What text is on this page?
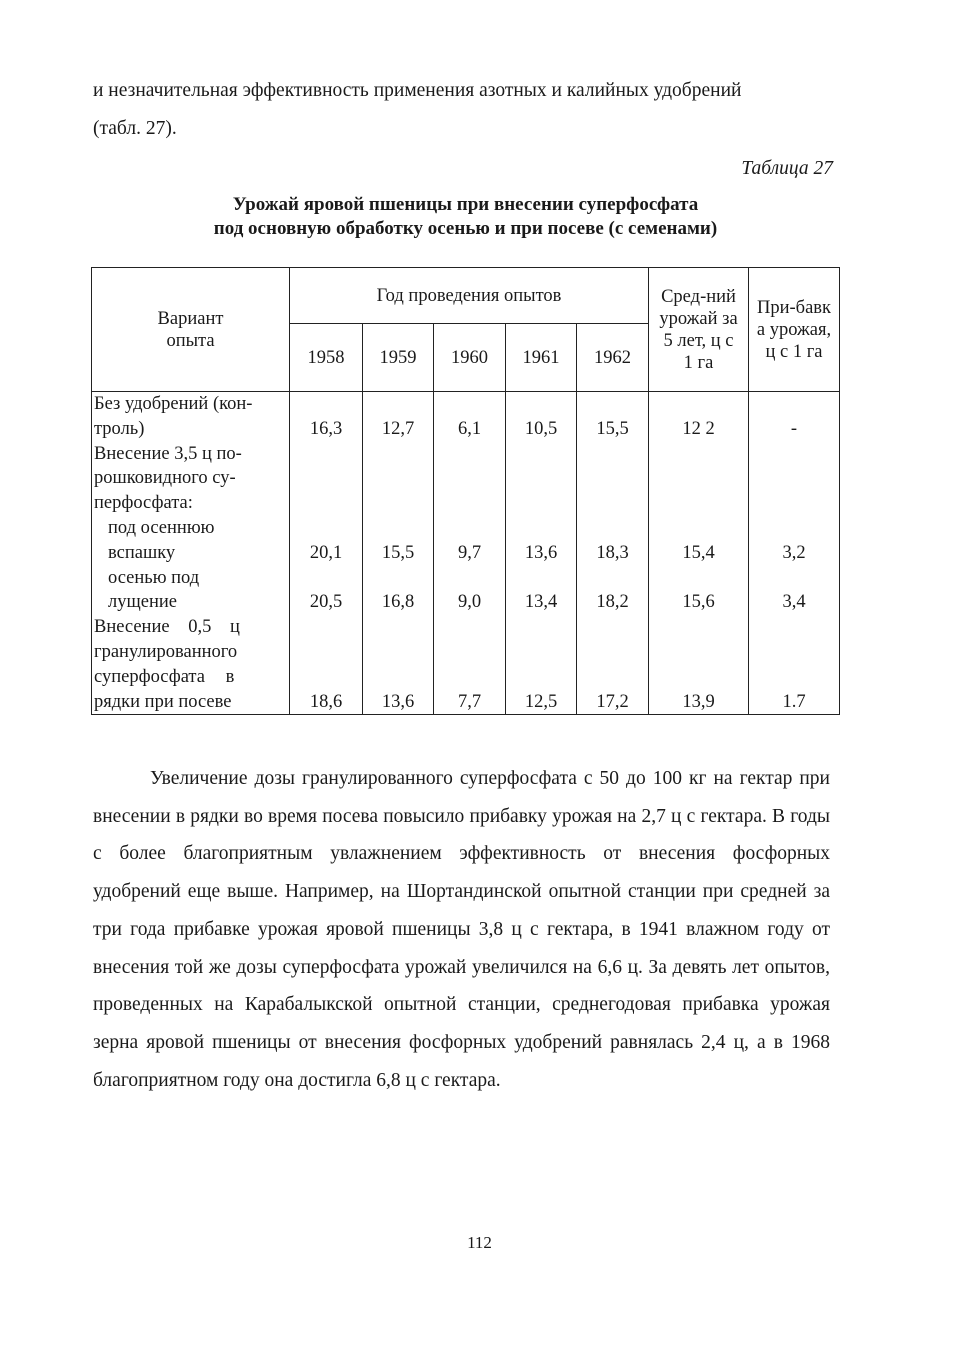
и незначительная эффективность применения азотных и калийных удобрений

(табл. 27).

Таблица 27

Урожай яровой пшеницы при внесении суперфосфата
под основную обработку осенью и при посеве (с семенами)

Вариант опыта	Год проведения опытов					Сред-ний урожай за 5 лет, ц с 1 га	При-бавка урожая, ц с 1 га
	1958	1959	1960	1961	1962		
Без удобрений (кон-							
троль)	16,3	12,7	6,1	10,5	15,5	12 2	-
Внесение 3,5 ц по-							
рошковидного су-							
перфосфата:							
под осеннюю							
вспашку	20,1	15,5	9,7	13,6	18,3	15,4	3,2
осенью под							
лущение	20,5	16,8	9,0	13,4	18,2	15,6	3,4
Внесение 0,5 ц							
гранулированного							
суперфосфата в							
рядки при посеве	18,6	13,6	7,7	12,5	17,2	13,9	1.7

Увеличение дозы гранулированного суперфосфата с 50 до 100 кг на гектар при внесении в рядки во время посева повысило прибавку урожая на 2,7 ц с гектара. В годы с более благоприятным увлажнением эффективность от внесения фосфорных удобрений еще выше. Например, на Шортандинской опытной станции при средней за три года прибавке урожая яровой пшеницы 3,8 ц с гектара, в 1941 влажном году от внесения той же дозы суперфосфата урожай увеличился на 6,6 ц. За девять лет опытов, проведенных на Карабалыкской опытной станции, среднегодовая прибавка урожая зерна яровой пшеницы от внесения фосфорных удобрений равнялась 2,4 ц, а в 1968 благоприятном году она достигла 6,8 ц с гектара.

112
